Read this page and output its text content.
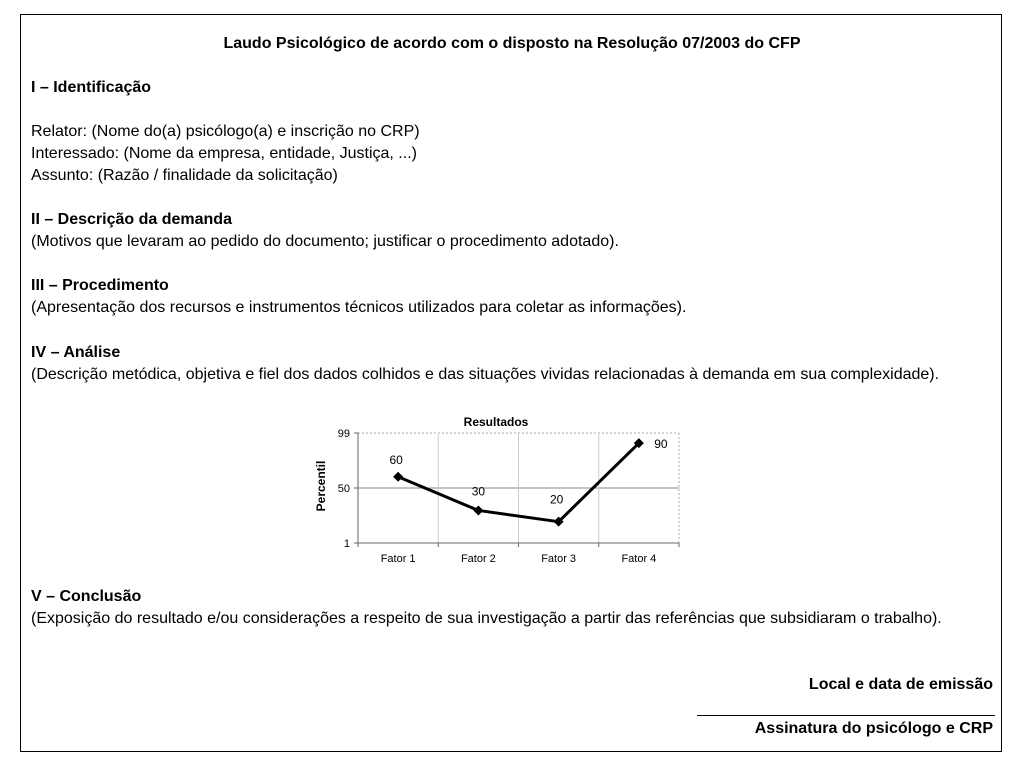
Laudo Psicológico de acordo com o disposto na Resolução 07/2003 do CFP

I – Identificação

Relator: (Nome do(a) psicólogo(a) e inscrição no CRP)

Interessado: (Nome da empresa, entidade, Justiça, ...)

Assunto: (Razão / finalidade da solicitação)

II – Descrição da demanda

(Motivos que levaram ao pedido do documento; justificar o procedimento adotado).

III – Procedimento

(Apresentação dos recursos e instrumentos técnicos utilizados para coletar as informações).

IV – Análise

(Descrição metódica, objetiva e fiel dos dados colhidos e das situações vividas relacionadas à demanda em sua complexidade).

V – Conclusão

(Exposição do resultado e/ou considerações a respeito de sua investigação a partir das referências que subsidiaram o trabalho).

Local e data de emissão

Assinatura do psicólogo e CRP

Resultados
Percentil
99
50
1
Fator 1	Fator 2	Fator 3	Fator 4
60
30
20
90
